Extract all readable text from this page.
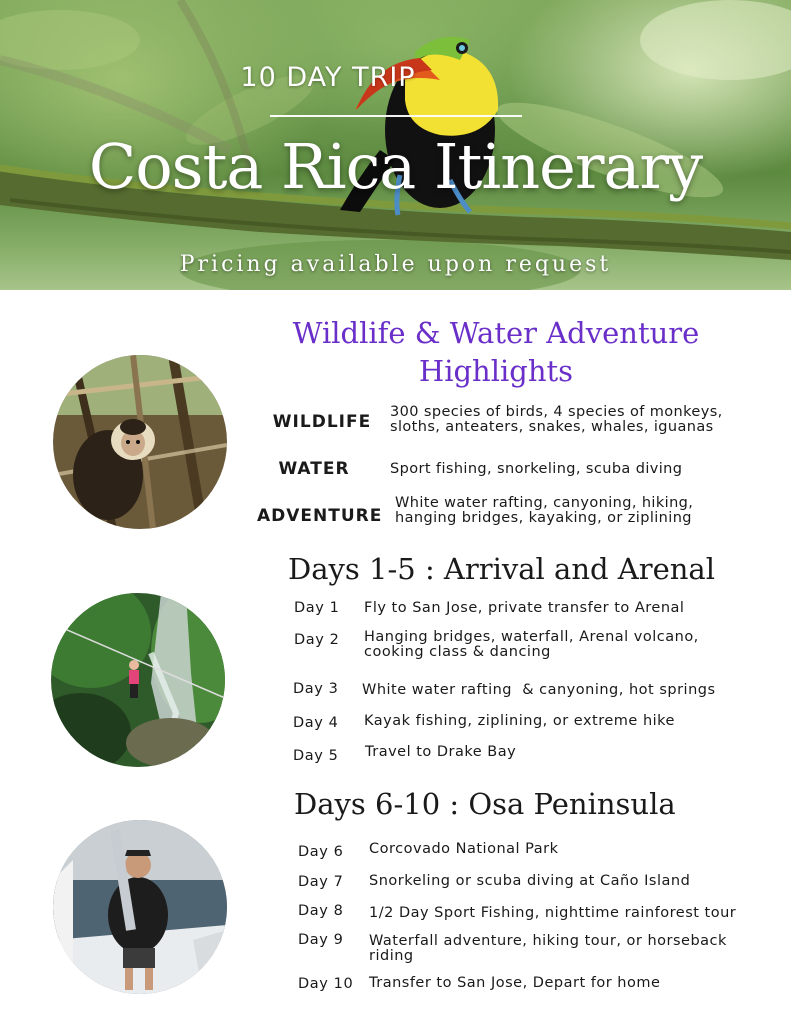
10 DAY TRIP
Costa Rica Itinerary
Pricing available upon request
Wildlife & Water Adventure
Highlights
WILDLIFE 300 species of birds, 4 species of monkeys,
sloths, anteaters, snakes, whales, iguanas
WATER	Sport fishing, snorkeling, scuba diving
ADVENTURE
White water rafting, canyoning, hiking,
hanging bridges, kayaking, or ziplining
Days 1-5 : Arrival and Arenal
Day 1 Fly to San Jose, private transfer to Arenal
Day 2 Hanging bridges, waterfall, Arenal volcano,
cooking class & dancing
Day 3 White water rafting  & canyoning, hot springs
Day 4 Kayak fishing, ziplining, or extreme hike
Day 5 Travel to Drake Bay
Days 6-10 : Osa Peninsula
Day 6 Corcovado National Park
Day 7 Snorkeling or scuba diving at Caño Island
Day 8 1/2 Day Sport Fishing, nighttime rainforest tour
Day 9 Waterfall adventure, hiking tour, or horseback
riding
Day 10 Transfer to San Jose, Depart for home
